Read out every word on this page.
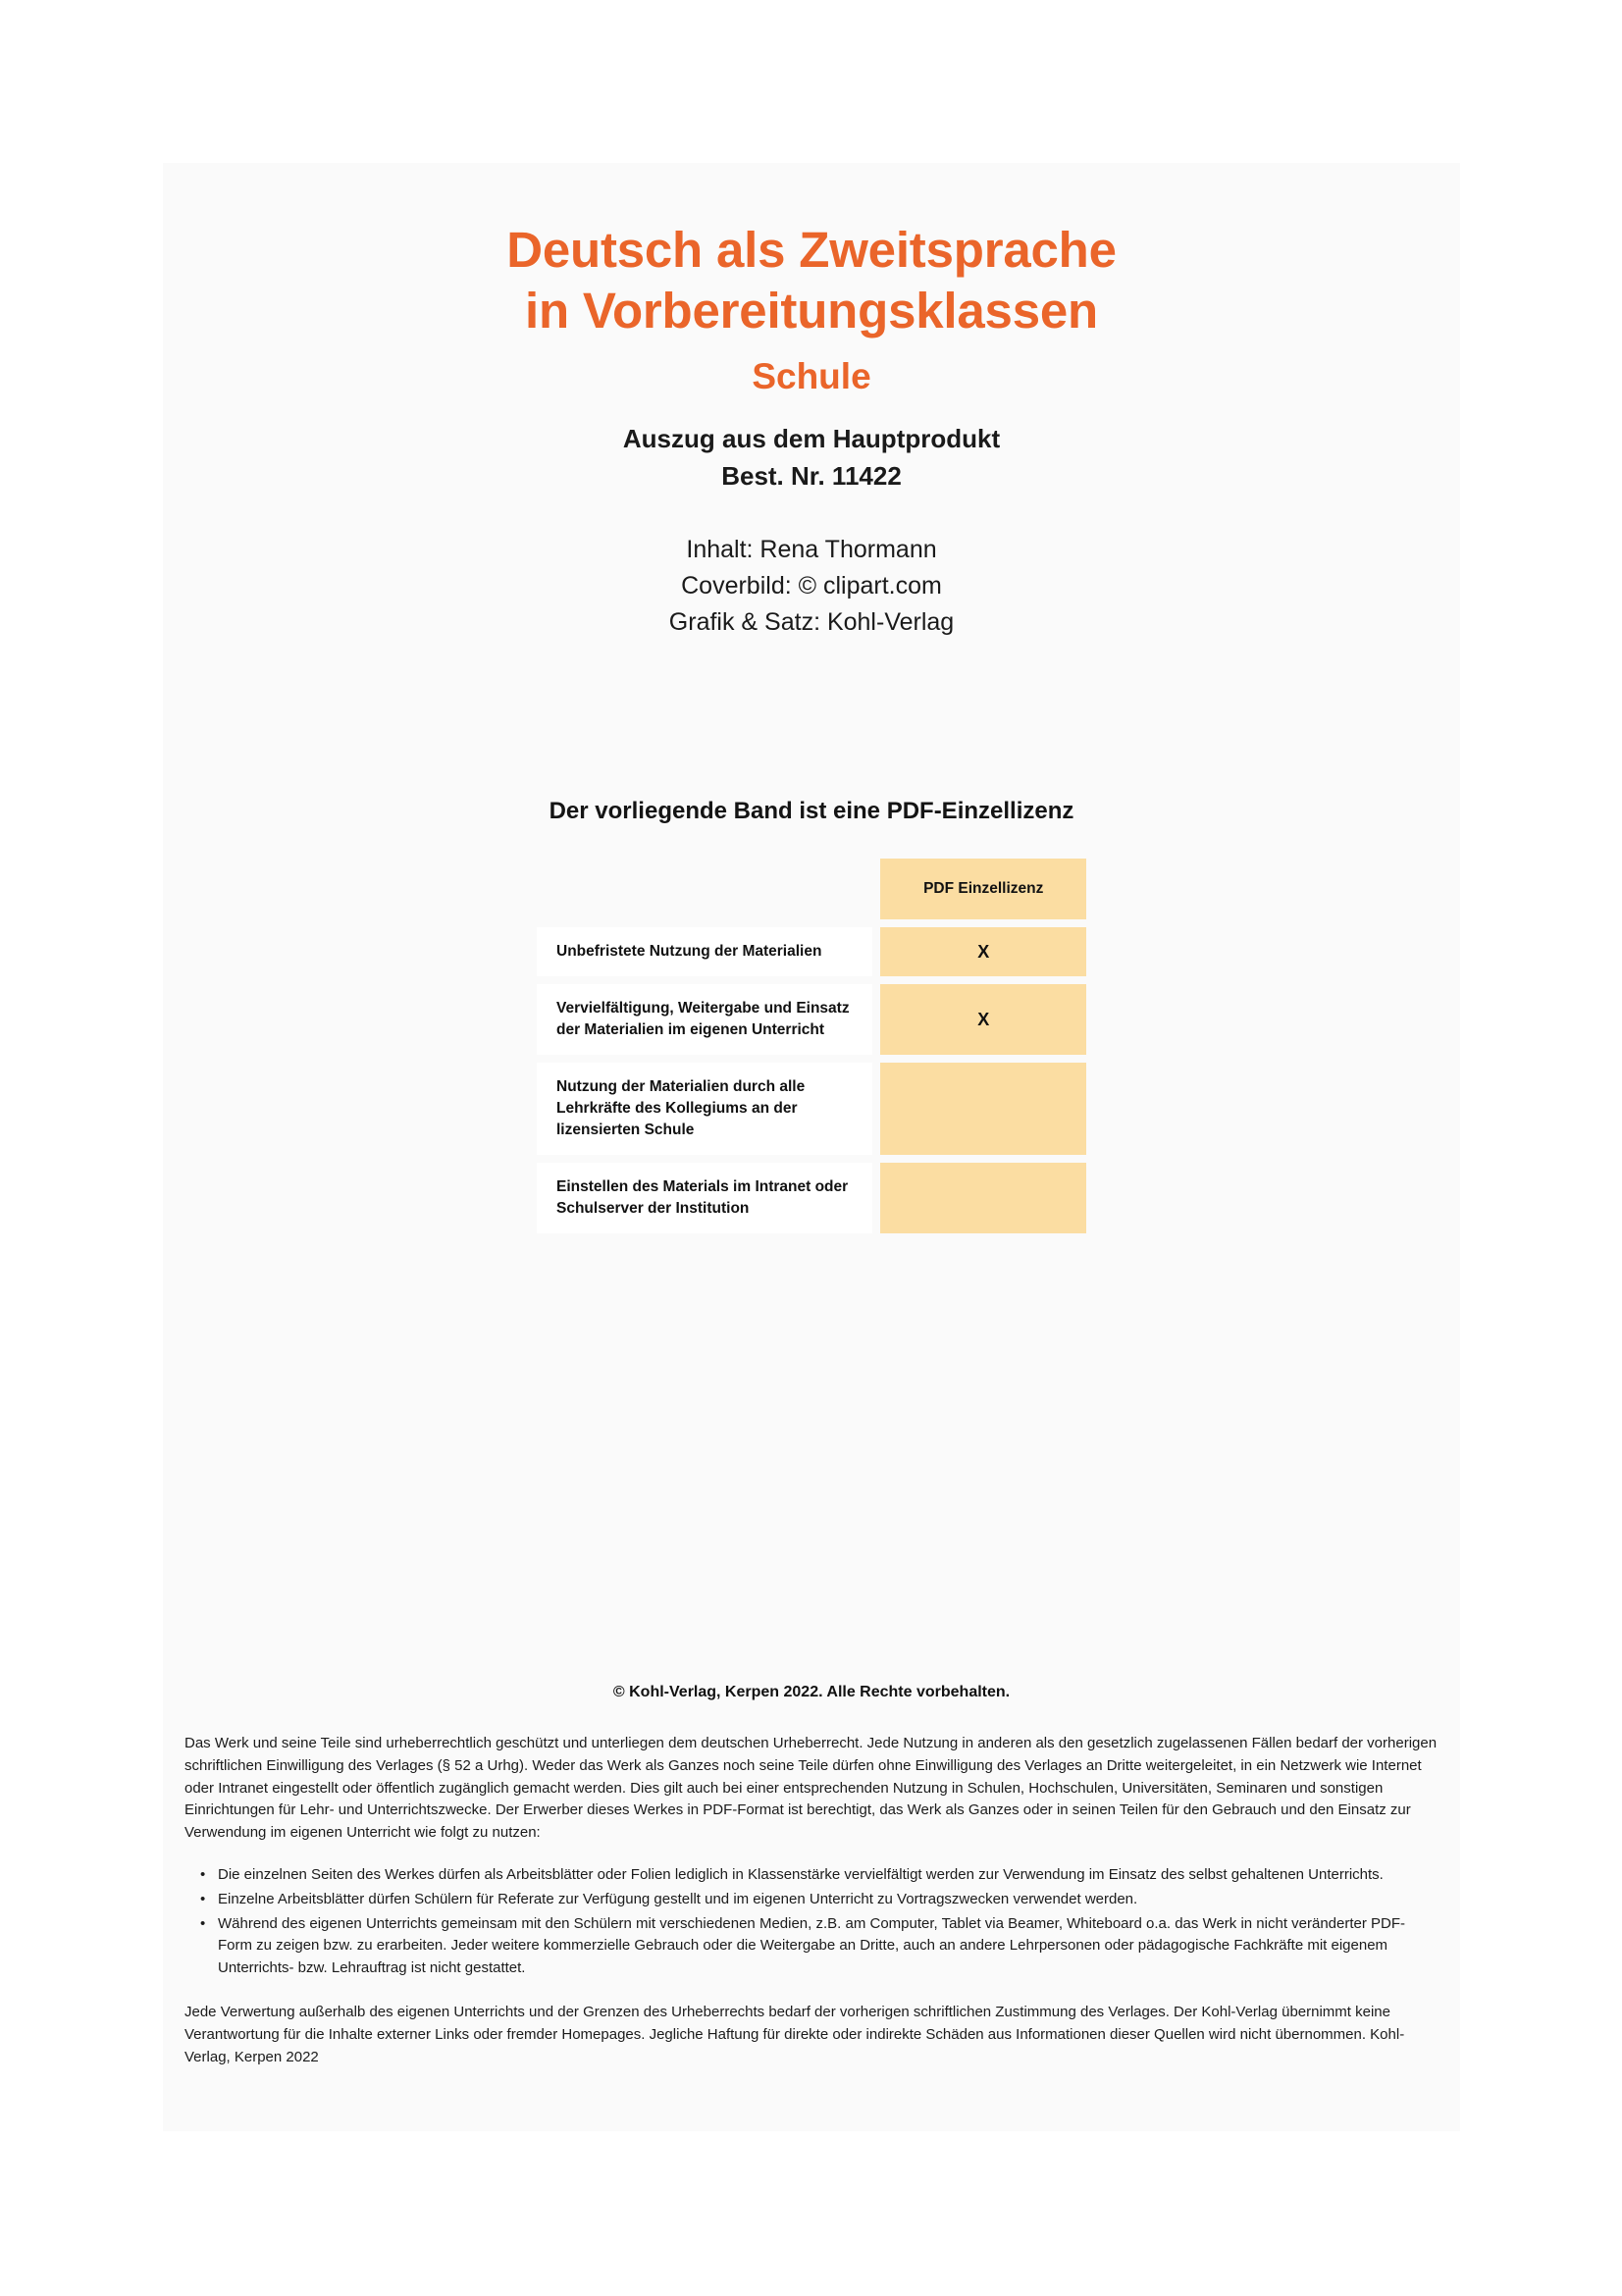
Deutsch als Zweitsprache
in Vorbereitungsklassen
Schule
Auszug aus dem Hauptprodukt
Best. Nr. 11422
Inhalt: Rena Thormann
Coverbild: © clipart.com
Grafik & Satz: Kohl-Verlag
Der vorliegende Band ist eine PDF-Einzellizenz
		PDF Einzellizenz

Unbefristete Nutzung der Materialien		X

Vervielfältigung, Weitergabe und Einsatz der Materialien im eigenen Unterricht		X

Nutzung der Materialien durch alle Lehrkräfte des Kollegiums an der lizensierten Schule		

Einstellen des Materials im Intranet oder Schulserver der Institution		
© Kohl-Verlag, Kerpen 2022. Alle Rechte vorbehalten.

Das Werk und seine Teile sind urheberrechtlich geschützt und unterliegen dem deutschen Urheberrecht. Jede Nutzung in anderen als den gesetzlich zugelassenen Fällen bedarf der vorherigen schriftlichen Einwilligung des Verlages (§ 52 a Urhg). Weder das Werk als Ganzes noch seine Teile dürfen ohne Einwilligung des Verlages an Dritte weitergeleitet, in ein Netzwerk wie Internet oder Intranet eingestellt oder öffentlich zugänglich gemacht werden. Dies gilt auch bei einer entsprechenden Nutzung in Schulen, Hochschulen, Universitäten, Seminaren und sonstigen Einrichtungen für Lehr- und Unterrichtszwecke. Der Erwerber dieses Werkes in PDF-Format ist berechtigt, das Werk als Ganzes oder in seinen Teilen für den Gebrauch und den Einsatz zur Verwendung im eigenen Unterricht wie folgt zu nutzen:

• Die einzelnen Seiten des Werkes dürfen als Arbeitsblätter oder Folien lediglich in Klassenstärke vervielfältigt werden zur Verwendung im Einsatz des selbst gehaltenen Unterrichts.
• Einzelne Arbeitsblätter dürfen Schülern für Referate zur Verfügung gestellt und im eigenen Unterricht zu Vortragszwecken verwendet werden.
• Während des eigenen Unterrichts gemeinsam mit den Schülern mit verschiedenen Medien, z.B. am Computer, Tablet via Beamer, Whiteboard o.a. das Werk in nicht veränderter PDF-Form zu zeigen bzw. zu erarbeiten. Jeder weitere kommerzielle Gebrauch oder die Weitergabe an Dritte, auch an andere Lehrpersonen oder pädagogische Fachkräfte mit eigenem Unterrichts- bzw. Lehrauftrag ist nicht gestattet.

Jede Verwertung außerhalb des eigenen Unterrichts und der Grenzen des Urheberrechts bedarf der vorherigen schriftlichen Zustimmung des Verlages. Der Kohl-Verlag übernimmt keine Verantwortung für die Inhalte externer Links oder fremder Homepages. Jegliche Haftung für direkte oder indirekte Schäden aus Informationen dieser Quellen wird nicht übernommen. Kohl-Verlag, Kerpen 2022
